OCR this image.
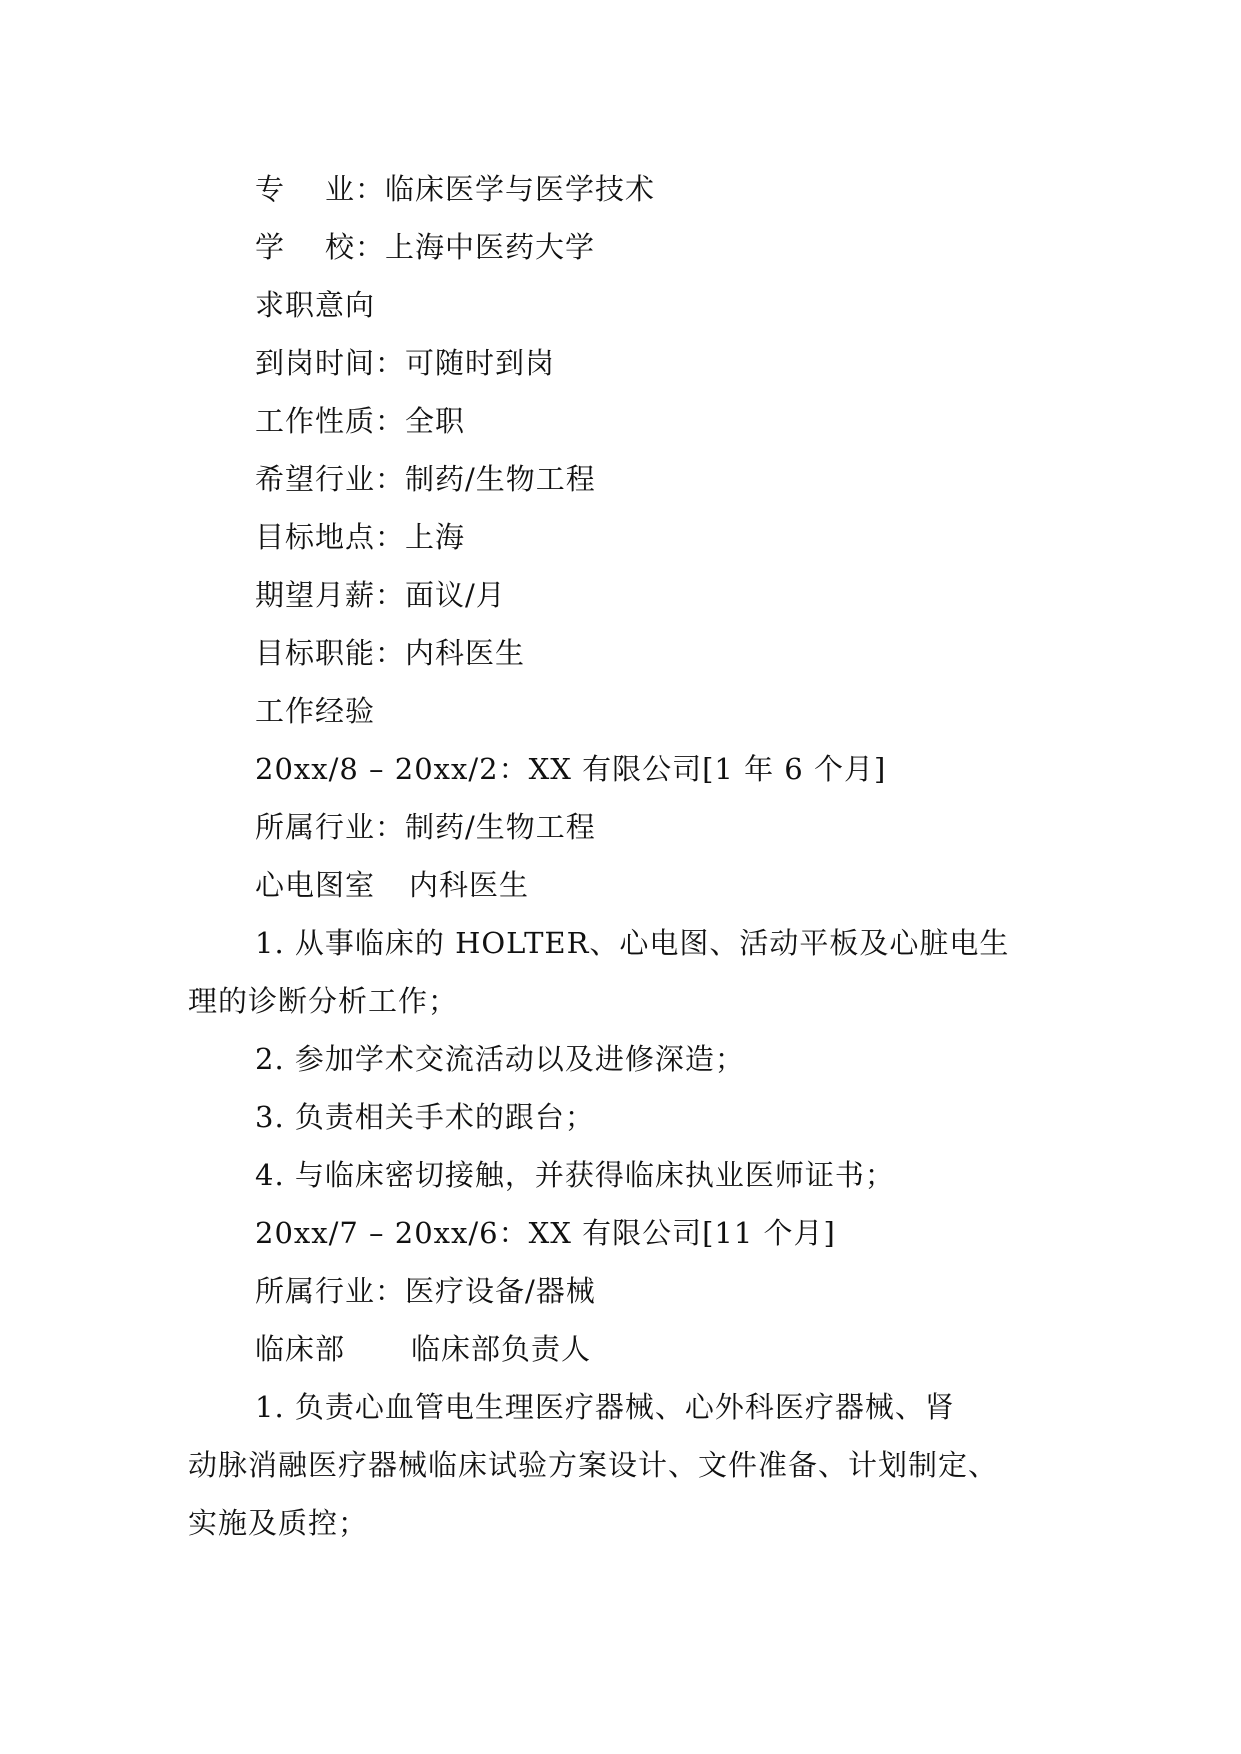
专 业：临床医学与医学技术
学 校：上海中医药大学
求职意向
到岗时间：可随时到岗
工作性质：全职
希望行业：制药/生物工程
目标地点：上海
期望月薪：面议/月
目标职能：内科医生
工作经验
20xx/8 – 20xx/2：XX 有限公司[1 年 6 个月]
所属行业：制药/生物工程
心电图室 内科医生
1. 从事临床的 HOLTER、心电图、活动平板及心脏电生
理的诊断分析工作；
2. 参加学术交流活动以及进修深造；
3. 负责相关手术的跟台；
4. 与临床密切接触，并获得临床执业医师证书；
20xx/7 – 20xx/6：XX 有限公司[11 个月]
所属行业：医疗设备/器械
临床部 临床部负责人
1. 负责心血管电生理医疗器械、心外科医疗器械、肾
动脉消融医疗器械临床试验方案设计、文件准备、计划制定、
实施及质控；
